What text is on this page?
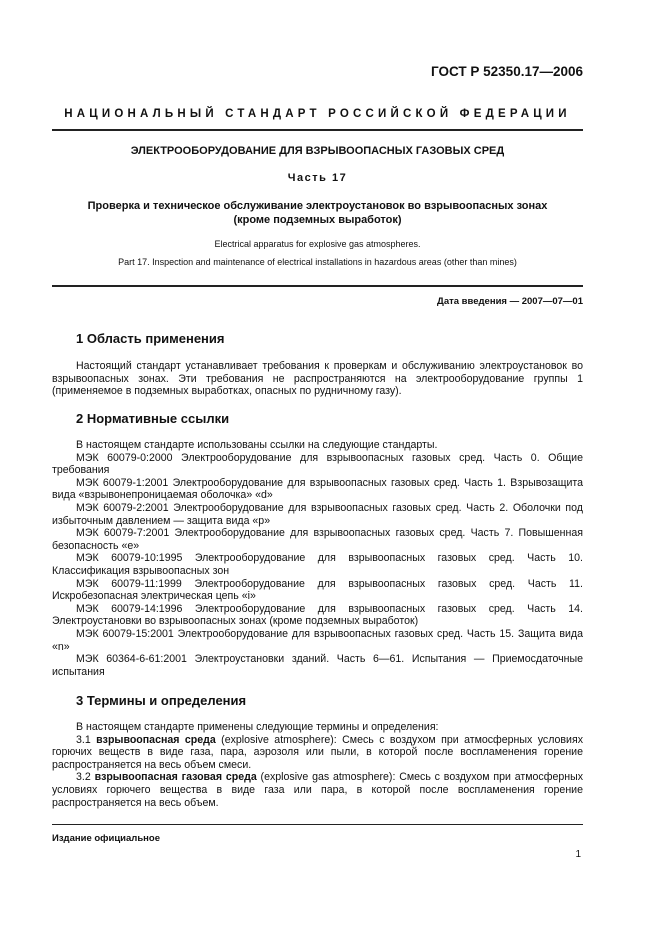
ГОСТ Р 52350.17—2006
НАЦИОНАЛЬНЫЙ СТАНДАРТ РОССИЙСКОЙ ФЕДЕРАЦИИ
ЭЛЕКТРООБОРУДОВАНИЕ ДЛЯ ВЗРЫВООПАСНЫХ ГАЗОВЫХ СРЕД
Часть 17
Проверка и техническое обслуживание электроустановок во взрывоопасных зонах
(кроме подземных выработок)
Electrical apparatus for explosive gas atmospheres.
Part 17. Inspection and maintenance of electrical installations in hazardous areas (other than mines)
Дата введения — 2007—07—01
1 Область применения

Настоящий стандарт устанавливает требования к проверкам и обслуживанию электроустановок во взрывоопасных зонах. Эти требования не распространяются на электрооборудование группы 1 (применяемое в подземных выработках, опасных по рудничному газу).

2 Нормативные ссылки

В настоящем стандарте использованы ссылки на следующие стандарты.

МЭК 60079-0:2000 Электрооборудование для взрывоопасных газовых сред. Часть 0. Общие требования

МЭК 60079-1:2001 Электрооборудование для взрывоопасных газовых сред. Часть 1. Взрывозащита вида «взрывонепроницаемая оболочка» «d»

МЭК 60079-2:2001 Электрооборудование для взрывоопасных газовых сред. Часть 2. Оболочки под избыточным давлением — защита вида «р»

МЭК 60079-7:2001 Электрооборудование для взрывоопасных газовых сред. Часть 7. Повышенная безопасность «е»

МЭК 60079-10:1995 Электрооборудование для взрывоопасных газовых сред. Часть 10. Классификация взрывоопасных зон

МЭК 60079-11:1999 Электрооборудование для взрывоопасных газовых сред. Часть 11. Искробезопасная электрическая цепь «i»

МЭК 60079-14:1996 Электрооборудование для взрывоопасных газовых сред. Часть 14. Электроустановки во взрывоопасных зонах (кроме подземных выработок)

МЭК 60079-15:2001 Электрооборудование для взрывоопасных газовых сред. Часть 15. Защита вида «n»

МЭК 60364-6-61:2001 Электроустановки зданий. Часть 6—61. Испытания — Приемосдаточные испытания

3 Термины и определения

В настоящем стандарте применены следующие термины и определения:

3.1 взрывоопасная среда (explosive atmosphere): Смесь с воздухом при атмосферных условиях горючих веществ в виде газа, пара, аэрозоля или пыли, в которой после воспламенения горение распространяется на весь объем смеси.

3.2 взрывоопасная газовая среда (explosive gas atmosphere): Смесь с воздухом при атмосферных условиях горючего вещества в виде газа или пара, в которой после воспламенения горение распространяется на весь объем.

Издание официальное
1
